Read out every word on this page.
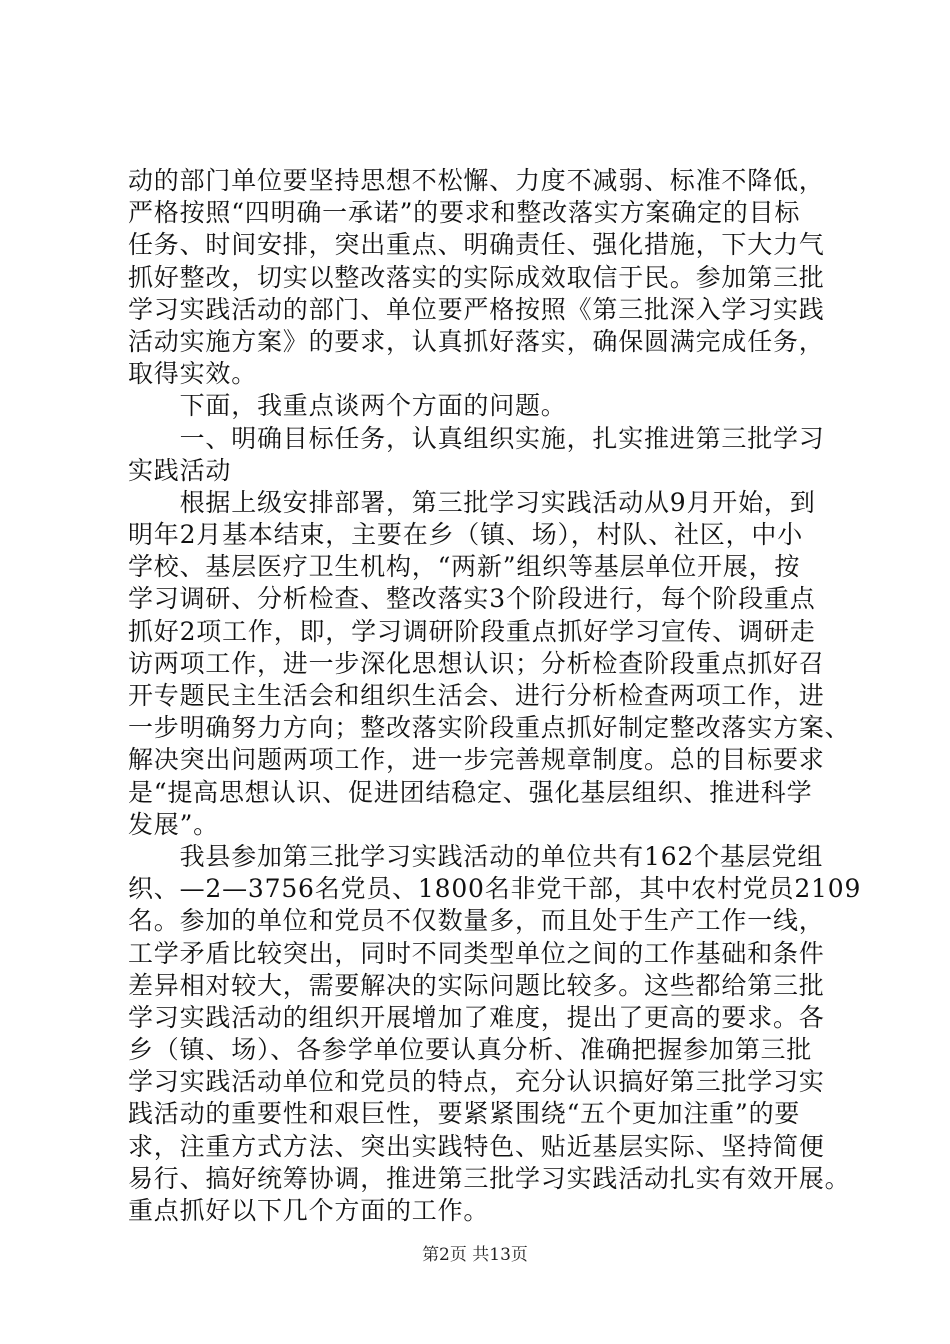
动的部门单位要坚持思想不松懈、力度不减弱、标准不降低，
严格按照“四明确一承诺”的要求和整改落实方案确定的目标
任务、时间安排，突出重点、明确责任、强化措施，下大力气
抓好整改，切实以整改落实的实际成效取信于民。参加第三批
学习实践活动的部门、单位要严格按照《第三批深入学习实践
活动实施方案》的要求，认真抓好落实，确保圆满完成任务，
取得实效。
　　下面，我重点谈两个方面的问题。
　　一、明确目标任务，认真组织实施，扎实推进第三批学习
实践活动
　　根据上级安排部署，第三批学习实践活动从9月开始，到
明年2月基本结束，主要在乡（镇、场），村队、社区，中小
学校、基层医疗卫生机构，“两新”组织等基层单位开展，按
学习调研、分析检查、整改落实3个阶段进行，每个阶段重点
抓好2项工作，即，学习调研阶段重点抓好学习宣传、调研走
访两项工作，进一步深化思想认识；分析检查阶段重点抓好召
开专题民主生活会和组织生活会、进行分析检查两项工作，进
一步明确努力方向；整改落实阶段重点抓好制定整改落实方案、
解决突出问题两项工作，进一步完善规章制度。总的目标要求
是“提高思想认识、促进团结稳定、强化基层组织、推进科学
发展”。
　　我县参加第三批学习实践活动的单位共有162个基层党组
织、—2—3756名党员、1800名非党干部，其中农村党员2109
名。参加的单位和党员不仅数量多，而且处于生产工作一线，
工学矛盾比较突出，同时不同类型单位之间的工作基础和条件
差异相对较大，需要解决的实际问题比较多。这些都给第三批
学习实践活动的组织开展增加了难度，提出了更高的要求。各
乡（镇、场）、各参学单位要认真分析、准确把握参加第三批
学习实践活动单位和党员的特点，充分认识搞好第三批学习实
践活动的重要性和艰巨性，要紧紧围绕“五个更加注重”的要
求，注重方式方法、突出实践特色、贴近基层实际、坚持简便
易行、搞好统筹协调，推进第三批学习实践活动扎实有效开展。
重点抓好以下几个方面的工作。
第2页 共13页
